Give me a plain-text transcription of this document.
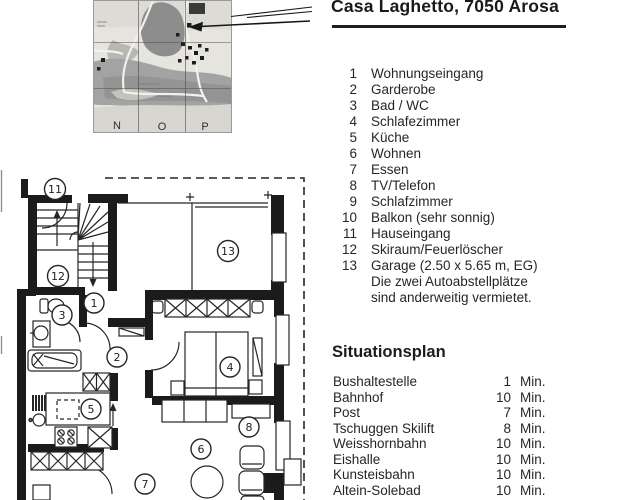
N	O	P
11
13
12
1
3
2
4
5
8
6
7
Casa Laghetto, 7050 Arosa
1 Wohnungseingang
2 Garderobe
3 Bad / WC
4 Schlafezimmer
5 Küche
6 Wohnen
7 Essen
8 TV/Telefon
9 Schlafzimmer
10 Balkon (sehr sonnig)
11 Hauseingang
12 Skiraum/Feuerlöscher
13 Garage (2.50 x 5.65 m, EG)
Die zwei Autoabstellplätze
sind anderweitig vermietet.
Situationsplan
Bushaltestelle	1 Min.
Bahnhof	10 Min.
Post	7 Min.
Tschuggen Skilift	8 Min.
Weisshornbahn	10 Min.
Eishalle	10 Min.
Kunsteisbahn	10 Min.
Altein-Solebad	10 Min.
